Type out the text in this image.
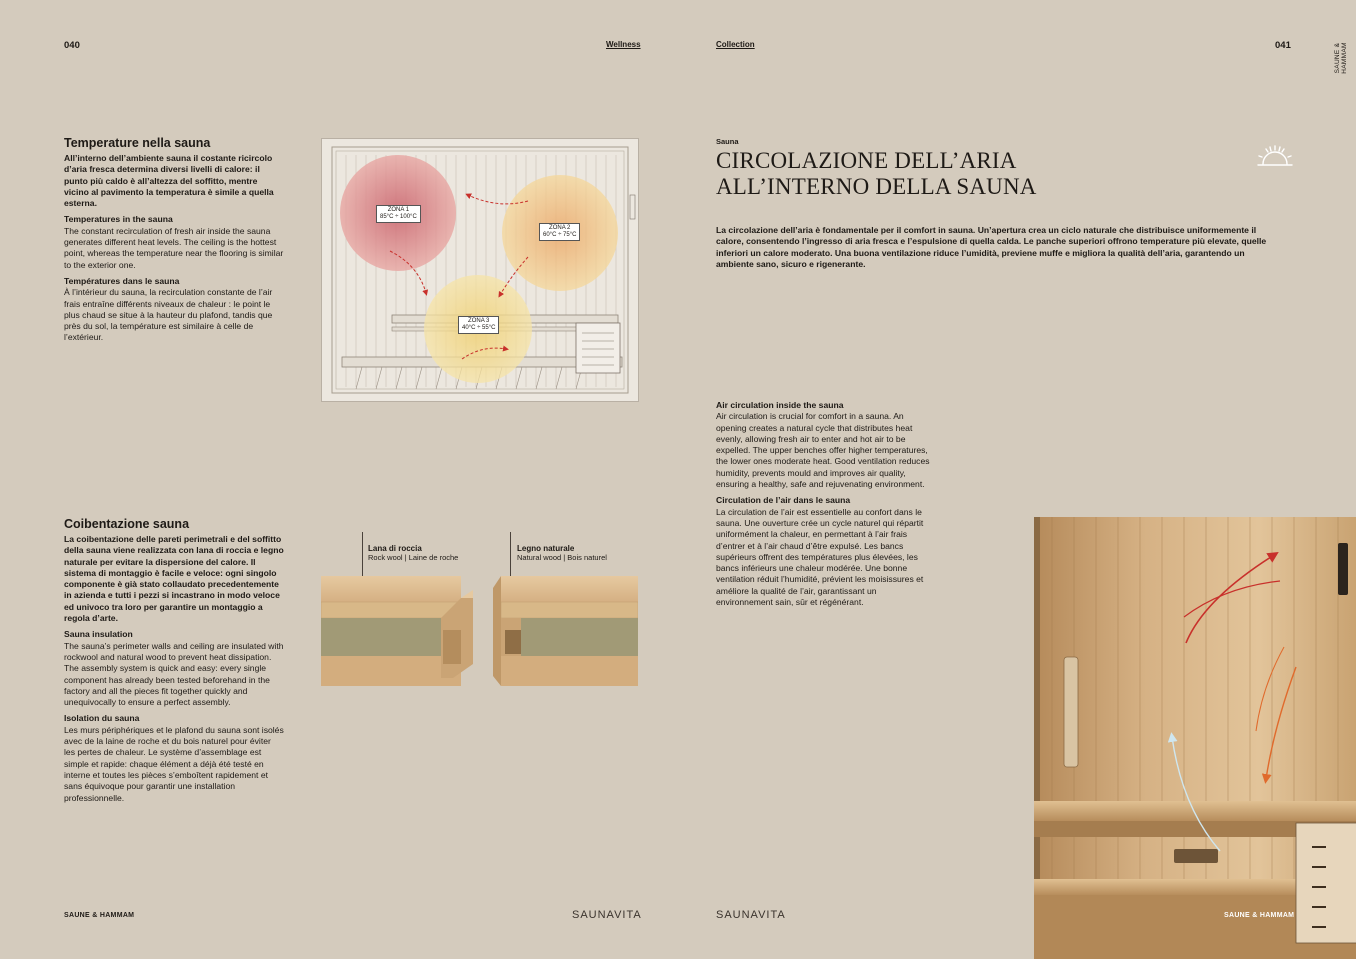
040	Wellness	Collection	041	SAUNE & HAMMAM
Temperature nella sauna

All’interno dell’ambiente sauna il costante ricircolo d’aria fresca determina diversi livelli di calore: il punto più caldo è all’altezza del soffitto, mentre vicino al pavimento la temperatura è simile a quella esterna.

Temperatures in the sauna

The constant recirculation of fresh air inside the sauna generates different heat levels. The ceiling is the hottest point, whereas the temperature near the flooring is similar to the exterior one.

Températures dans le sauna

À l’intérieur du sauna, la recirculation constante de l’air frais entraîne différents niveaux de chaleur : le point le plus chaud se situe à la hauteur du plafond, tandis que près du sol, la température est similaire à celle de l’extérieur.

ZONA 1
85°C ÷ 100°C
ZONA 2
60°C ÷ 75°C
ZONA 3
40°C ÷ 55°C
Coibentazione sauna

La coibentazione delle pareti perimetrali e del soffitto della sauna viene realizzata con lana di roccia e legno naturale per evitare la dispersione del calore. Il sistema di montaggio è facile e veloce: ogni singolo componente è già stato collaudato precedentemente in azienda e tutti i pezzi si incastrano in modo veloce ed univoco tra loro per garantire un montaggio a regola d’arte.

Sauna insulation

The sauna’s perimeter walls and ceiling are insulated with rockwool and natural wood to prevent heat dissipation. The assembly system is quick and easy: every single component has already been tested beforehand in the factory and all the pieces fit together quickly and unequivocally to ensure a perfect assembly.

Isolation du sauna

Les murs périphériques et le plafond du sauna sont isolés avec de la laine de roche et du bois naturel pour éviter les pertes de chaleur. Le système d’assemblage est simple et rapide: chaque élément a déjà été testé en interne et toutes les pièces s’emboîtent rapidement et sans équivoque pour garantir une installation professionnelle.

Lana di roccia
Rock wool | Laine de roche
Legno naturale
Natural wood | Bois naturel
Sauna
CIRCOLAZIONE DELL’ARIA
ALL’INTERNO DELLA SAUNA

La circolazione dell’aria è fondamentale per il comfort in sauna. Un’apertura crea un ciclo naturale che distribuisce uniformemente il calore, consentendo l’ingresso di aria fresca e l’espulsione di quella calda. Le panche superiori offrono temperature più elevate, quelle inferiori un calore moderato. Una buona ventilazione riduce l’umidità, previene muffe e migliora la qualità dell’aria, garantendo un ambiente sano, sicuro e rigenerante.

Air circulation inside the sauna

Air circulation is crucial for comfort in a sauna. An opening creates a natural cycle that distributes heat evenly, allowing fresh air to enter and hot air to be expelled. The upper benches offer higher temperatures, the lower ones moderate heat. Good ventilation reduces humidity, prevents mould and improves air quality, ensuring a healthy, safe and rejuvenating environment.

Circulation de l’air dans le sauna

La circulation de l’air est essentielle au confort dans le sauna. Une ouverture crée un cycle naturel qui répartit uniformément la chaleur, en permettant à l’air frais d’entrer et à l’air chaud d’être expulsé. Les bancs supérieurs offrent des températures plus élevées, les bancs inférieurs une chaleur modérée. Une bonne ventilation réduit l’humidité, prévient les moisissures et améliore la qualité de l’air, garantissant un environnement sain, sûr et régénérant.

SAUNE & HAMMAM
SAUNE & HAMMAM	SAUNAVITA	SAUNAVITA
